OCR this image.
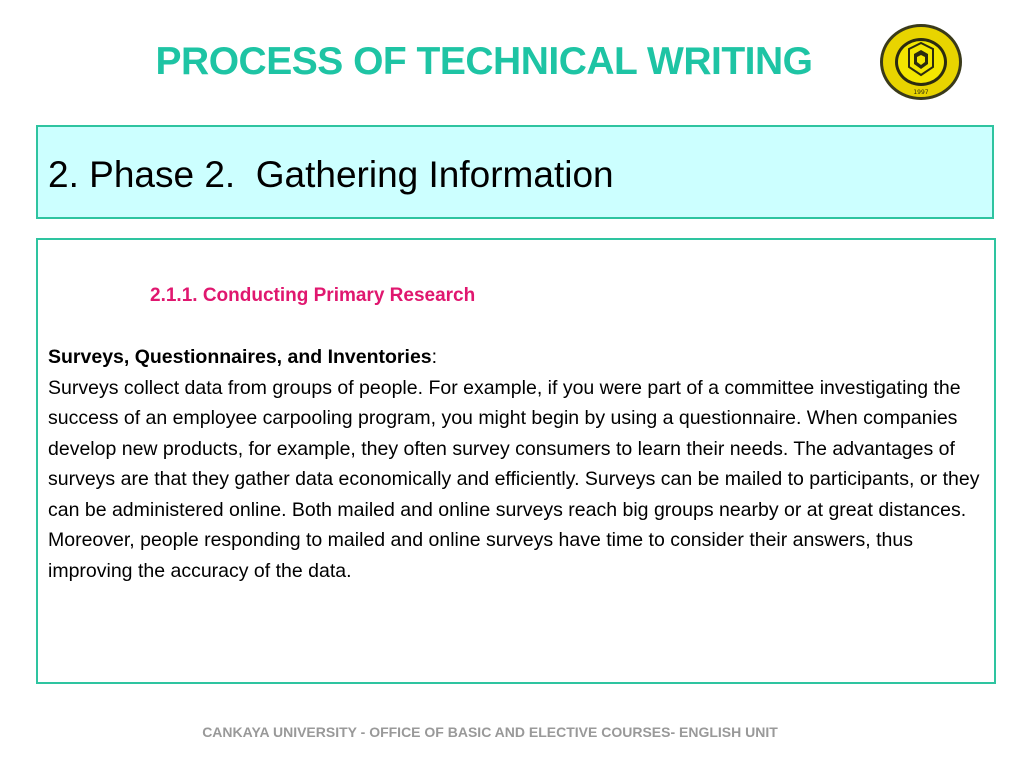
PROCESS OF TECHNICAL WRITING
1997
2. Phase 2.  Gathering Information
2.1.1. Conducting Primary Research
Surveys, Questionnaires, and Inventories:
Surveys collect data from groups of people. For example, if you were part of a committee investigating the success of an employee carpooling program, you might begin by using a questionnaire. When companies develop new products, for example, they often survey consumers to learn their needs. The advantages of surveys are that they gather data economically and efficiently. Surveys can be mailed to participants, or they can be administered online. Both mailed and online surveys reach big groups nearby or at great distances. Moreover, people responding to mailed and online surveys have time to consider their answers, thus improving the accuracy of the data.
CANKAYA UNIVERSITY - OFFICE OF BASIC AND ELECTIVE COURSES- ENGLISH UNIT
